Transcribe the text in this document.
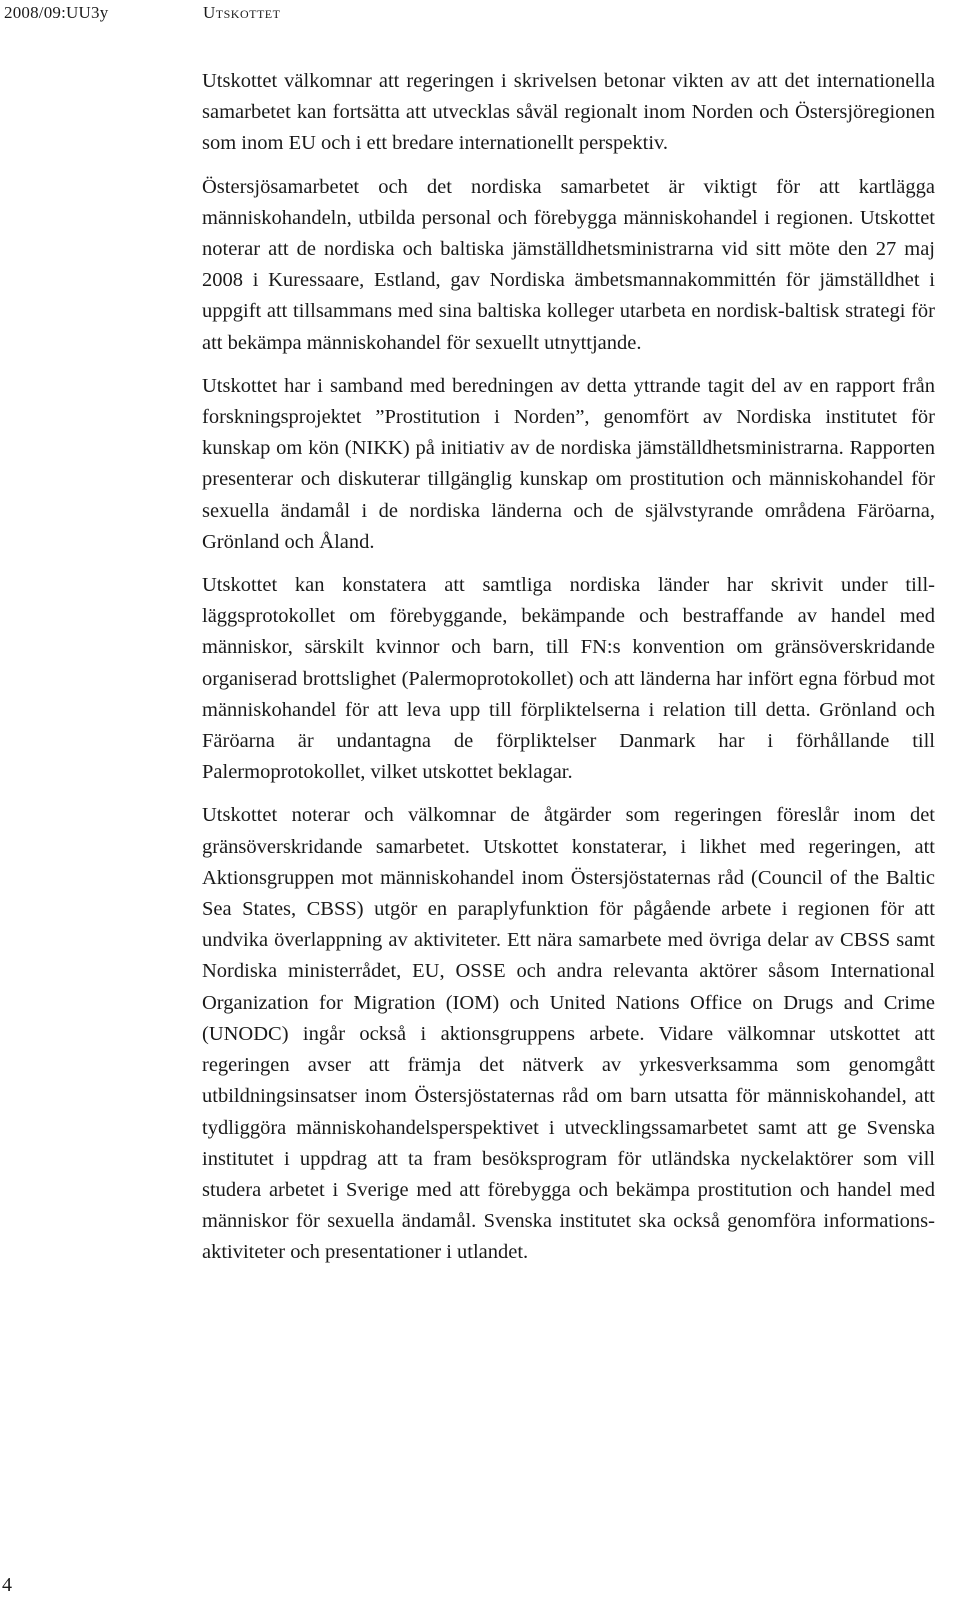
2008/09:UU3y	Utskottet

Utskottet välkomnar att regeringen i skrivelsen betonar vikten av att det internationella samarbetet kan fortsätta att utvecklas såväl regionalt inom Norden och Östersjöregionen som inom EU och i ett bredare internationellt perspektiv.

Östersjösamarbetet och det nordiska samarbetet är viktigt för att kartlägga människohandeln, utbilda personal och förebygga människohandel i regionen. Utskottet noterar att de nordiska och baltiska jämställdhetsministrarna vid sitt möte den 27 maj 2008 i Kuressaare, Estland, gav Nordiska ämbetsmannakommittén för jämställdhet i uppgift att tillsammans med sina baltiska kolleger utarbeta en nordisk-baltisk strategi för att bekämpa människohandel för sexuellt utnyttjande.

Utskottet har i samband med beredningen av detta yttrande tagit del av en rapport från forskningsprojektet ”Prostitution i Norden”, genomfört av Nordiska institutet för kunskap om kön (NIKK) på initiativ av de nordiska jämställdhetsministrarna. Rapporten presenterar och diskuterar tillgänglig kunskap om prostitution och människohandel för sexuella ändamål i de nordiska länderna och de självstyrande områdena Färöarna, Grönland och Åland.

Utskottet kan konstatera att samtliga nordiska länder har skrivit under tillläggsprotokollet om förebyggande, bekämpande och bestraffande av handel med människor, särskilt kvinnor och barn, till FN:s konvention om gränsöverskridande organiserad brottslighet (Palermoprotokollet) och att länderna har infört egna förbud mot människohandel för att leva upp till förpliktelserna i relation till detta. Grönland och Färöarna är undantagna de förpliktelser Danmark har i förhållande till Palermoprotokollet, vilket utskottet beklagar.

Utskottet noterar och välkomnar de åtgärder som regeringen föreslår inom det gränsöverskridande samarbetet. Utskottet konstaterar, i likhet med regeringen, att Aktionsgruppen mot människohandel inom Östersjöstaternas råd (Council of the Baltic Sea States, CBSS) utgör en paraplyfunktion för pågående arbete i regionen för att undvika överlappning av aktiviteter. Ett nära samarbete med övriga delar av CBSS samt Nordiska ministerrådet, EU, OSSE och andra relevanta aktörer såsom International Organization for Migration (IOM) och United Nations Office on Drugs and Crime (UNODC) ingår också i aktionsgruppens arbete. Vidare välkomnar utskottet att regeringen avser att främja det nätverk av yrkesverksamma som genomgått utbildningsinsatser inom Östersjöstaternas råd om barn utsatta för människohandel, att tydliggöra människohandelsperspektivet i utvecklingssamarbetet samt att ge Svenska institutet i uppdrag att ta fram besöksprogram för utländska nyckelaktörer som vill studera arbetet i Sverige med att förebygga och bekämpa prostitution och handel med människor för sexuella ändamål. Svenska institutet ska också genomföra informationsaktiviteter och presentationer i utlandet.

4
